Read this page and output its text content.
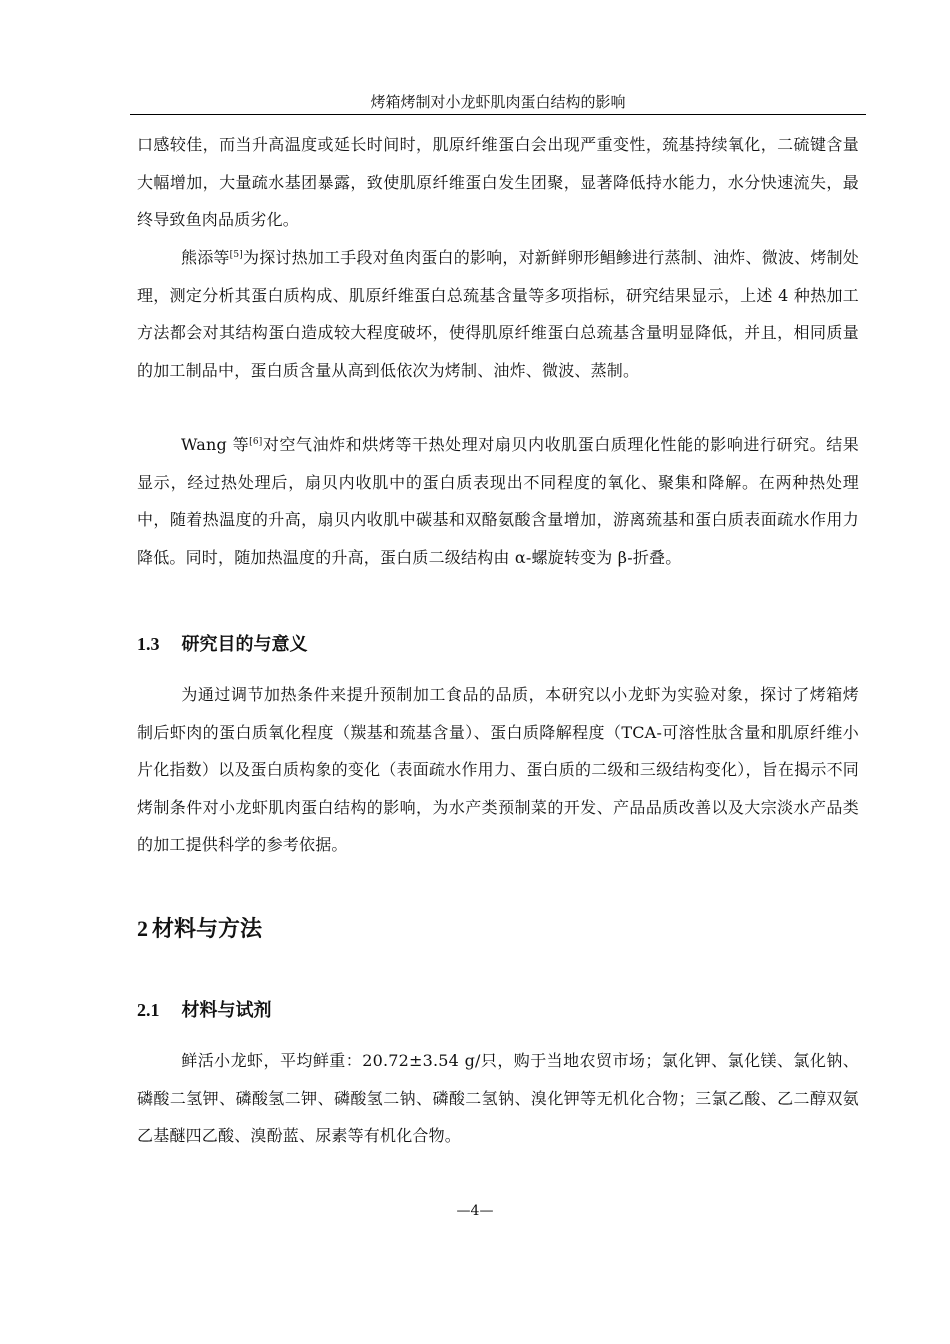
烤箱烤制对小龙虾肌肉蛋白结构的影响

口感较佳，而当升高温度或延长时间时，肌原纤维蛋白会出现严重变性，巯基持续氧化，二硫键含量大幅增加，大量疏水基团暴露，致使肌原纤维蛋白发生团聚，显著降低持水能力，水分快速流失，最终导致鱼肉品质劣化。

熊添等[5]为探讨热加工手段对鱼肉蛋白的影响，对新鲜卵形鲳鲹进行蒸制、油炸、微波、烤制处理，测定分析其蛋白质构成、肌原纤维蛋白总巯基含量等多项指标，研究结果显示，上述 4 种热加工方法都会对其结构蛋白造成较大程度破坏，使得肌原纤维蛋白总巯基含量明显降低，并且，相同质量的加工制品中，蛋白质含量从高到低依次为烤制、油炸、微波、蒸制。

Wang 等[6]对空气油炸和烘烤等干热处理对扇贝内收肌蛋白质理化性能的影响进行研究。结果显示，经过热处理后，扇贝内收肌中的蛋白质表现出不同程度的氧化、聚集和降解。在两种热处理中，随着热温度的升高，扇贝内收肌中碳基和双酪氨酸含量增加，游离巯基和蛋白质表面疏水作用力降低。同时，随加热温度的升高，蛋白质二级结构由 α-螺旋转变为 β-折叠。

1.3 研究目的与意义

为通过调节加热条件来提升预制加工食品的品质，本研究以小龙虾为实验对象，探讨了烤箱烤制后虾肉的蛋白质氧化程度（羰基和巯基含量）、蛋白质降解程度（TCA-可溶性肽含量和肌原纤维小片化指数）以及蛋白质构象的变化（表面疏水作用力、蛋白质的二级和三级结构变化），旨在揭示不同烤制条件对小龙虾肌肉蛋白结构的影响，为水产类预制菜的开发、产品品质改善以及大宗淡水产品类的加工提供科学的参考依据。

2 材料与方法
2.1 材料与试剂

鲜活小龙虾，平均鲜重：20.72±3.54 g/只，购于当地农贸市场；氯化钾、氯化镁、氯化钠、磷酸二氢钾、磷酸氢二钾、磷酸氢二钠、磷酸二氢钠、溴化钾等无机化合物；三氯乙酸、乙二醇双氨乙基醚四乙酸、溴酚蓝、尿素等有机化合物。

—4—
